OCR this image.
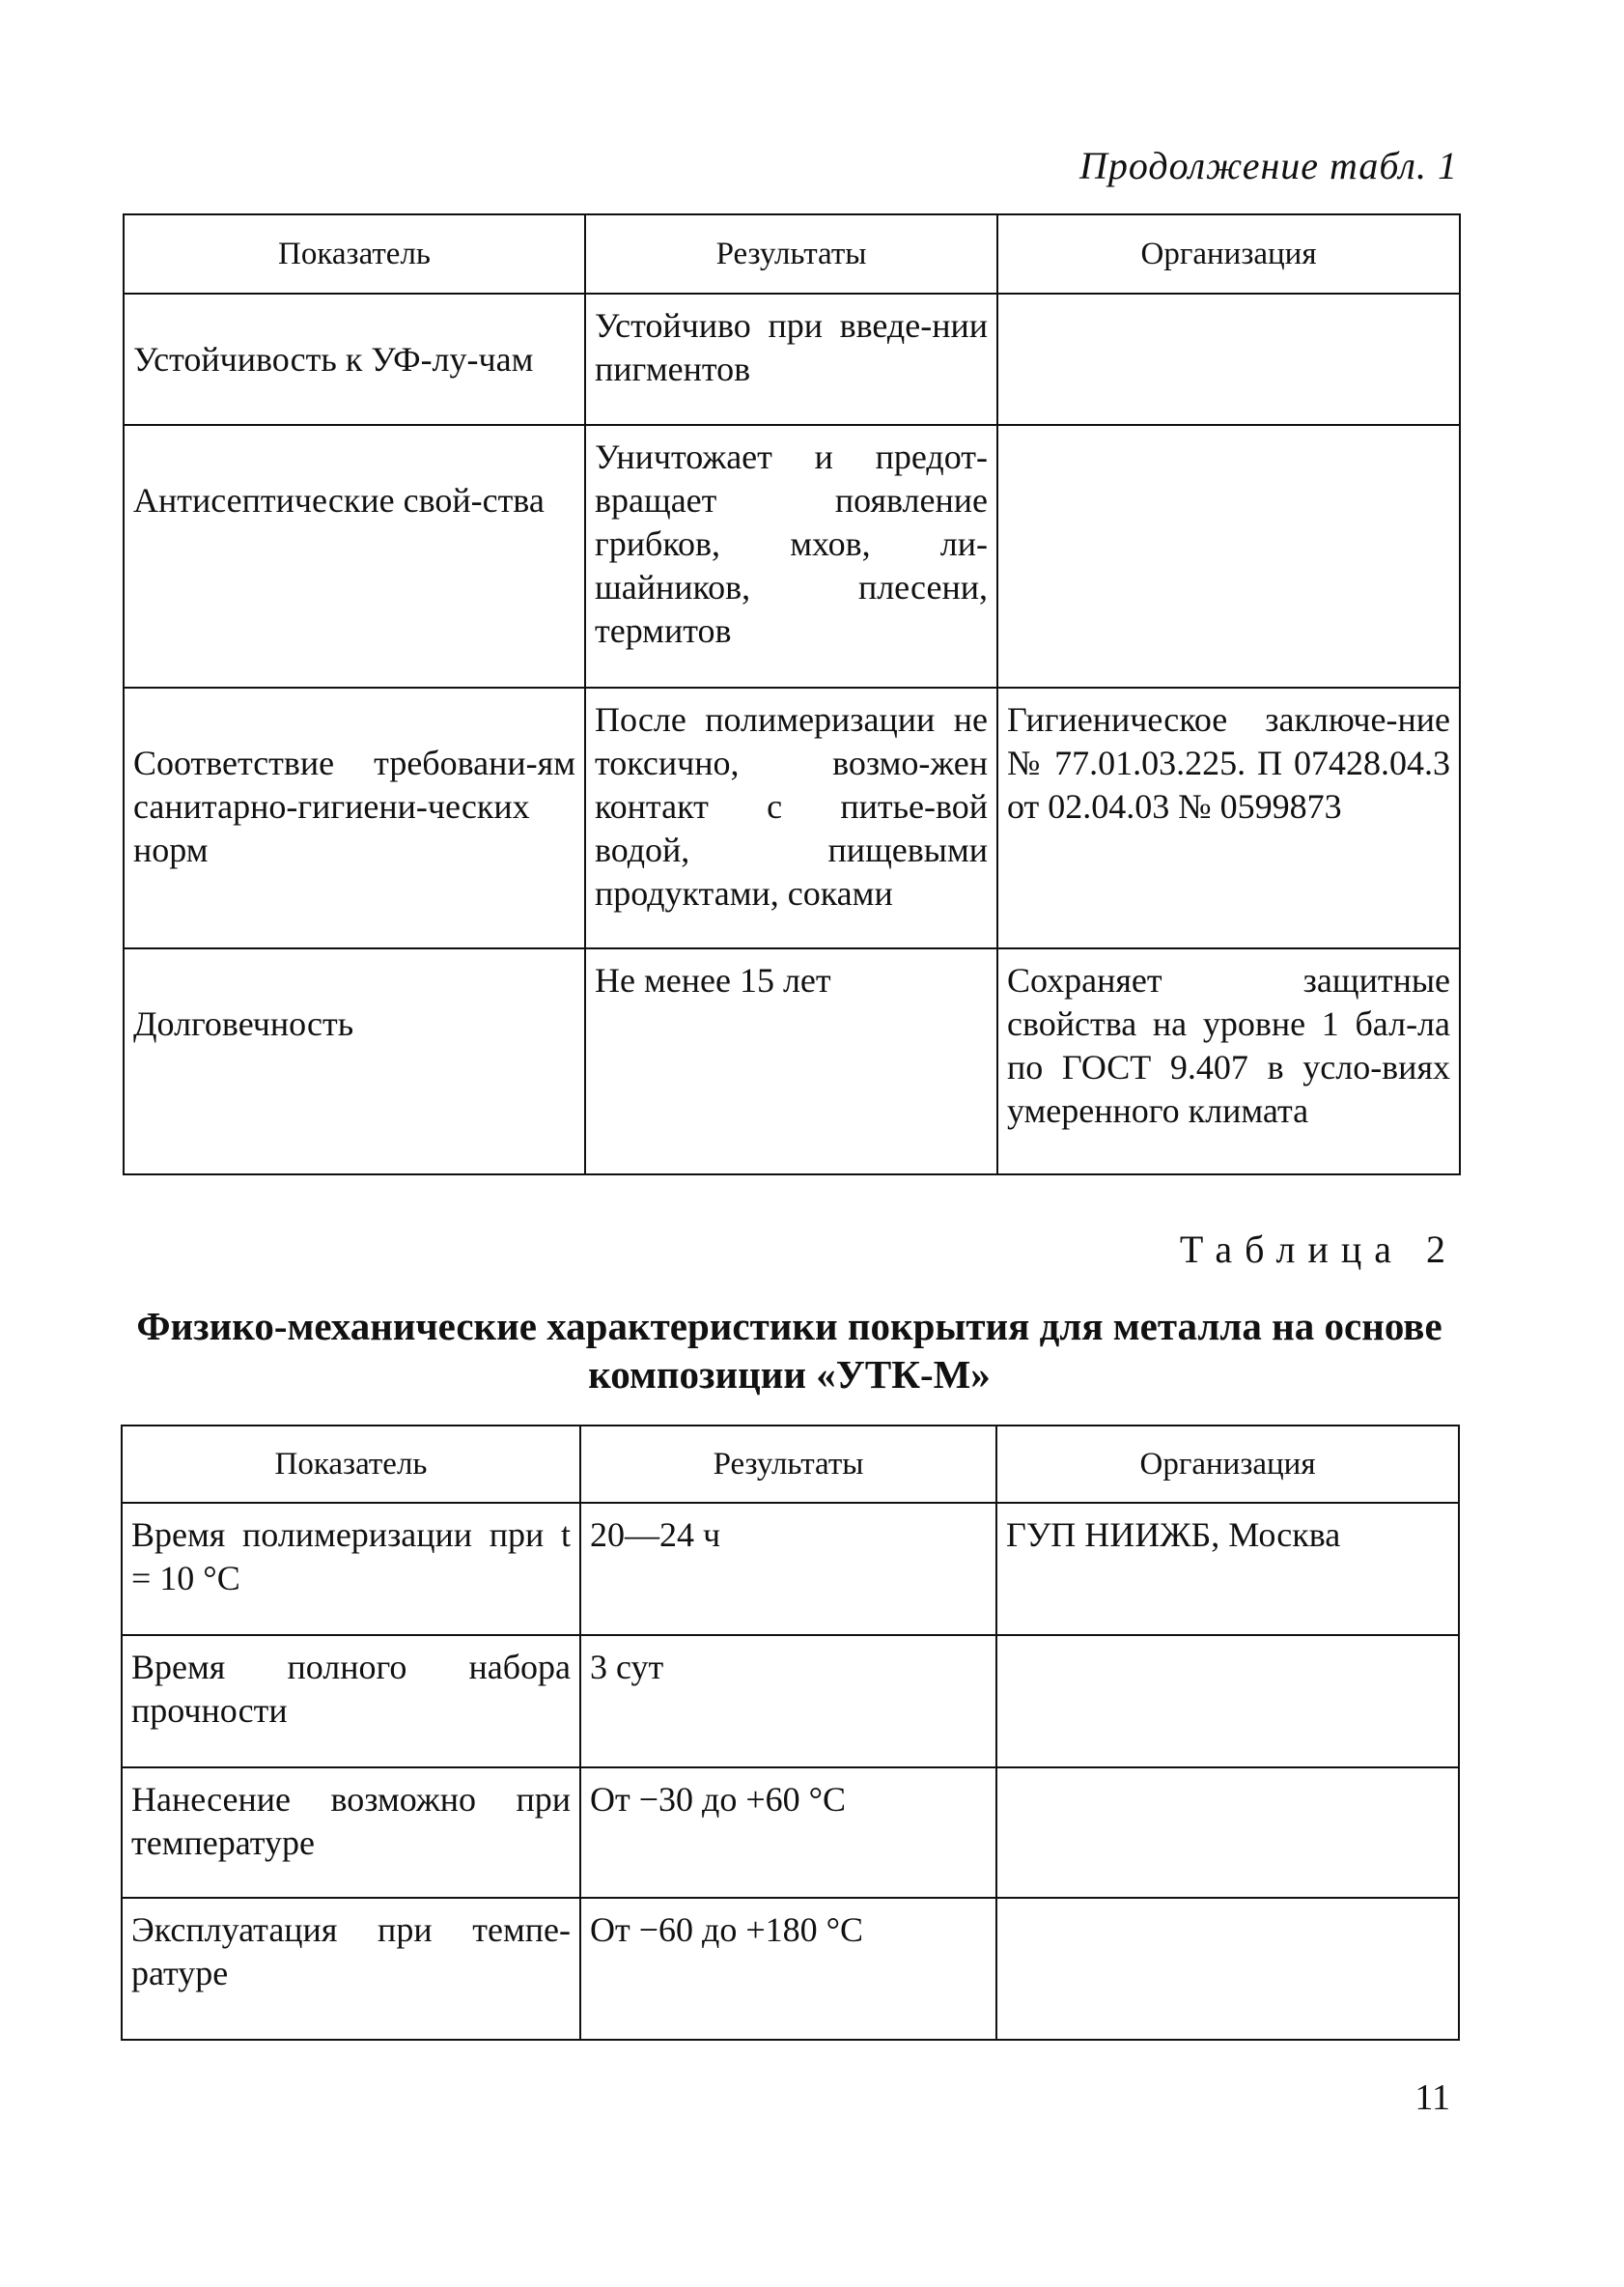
Продолжение табл. 1
Показатель	Результаты	Организация
Устойчивость к УФ-лу-чам	Устойчиво при введе-нии пигментов	
Антисептические свой-ства	Уничтожает и предот-вращает появление грибков, мхов, ли-шайников, плесени, термитов	
Соответствие требовани-ям санитарно-гигиени-ческих норм	После полимеризации не токсично, возмо-жен контакт с питье-вой водой, пищевыми продуктами, соками	Гигиеническое заключе-ние № 77.01.03.225. П 07428.04.3 от 02.04.03 № 0599873
Долговечность	Не менее 15 лет	Сохраняет защитные свойства на уровне 1 бал-ла по ГОСТ 9.407 в усло-виях умеренного климата
Таблица 2
Физико-механические характеристики покрытия для металла на основе композиции «УТК-М»
Показатель	Результаты	Организация
Время полимеризации при t = 10 °С	20—24 ч	ГУП НИИЖБ, Москва
Время полного набора прочности	3 сут	
Нанесение возможно при температуре	От −30 до +60 °С	
Эксплуатация при темпе-ратуре	От −60 до +180 °С	
11
